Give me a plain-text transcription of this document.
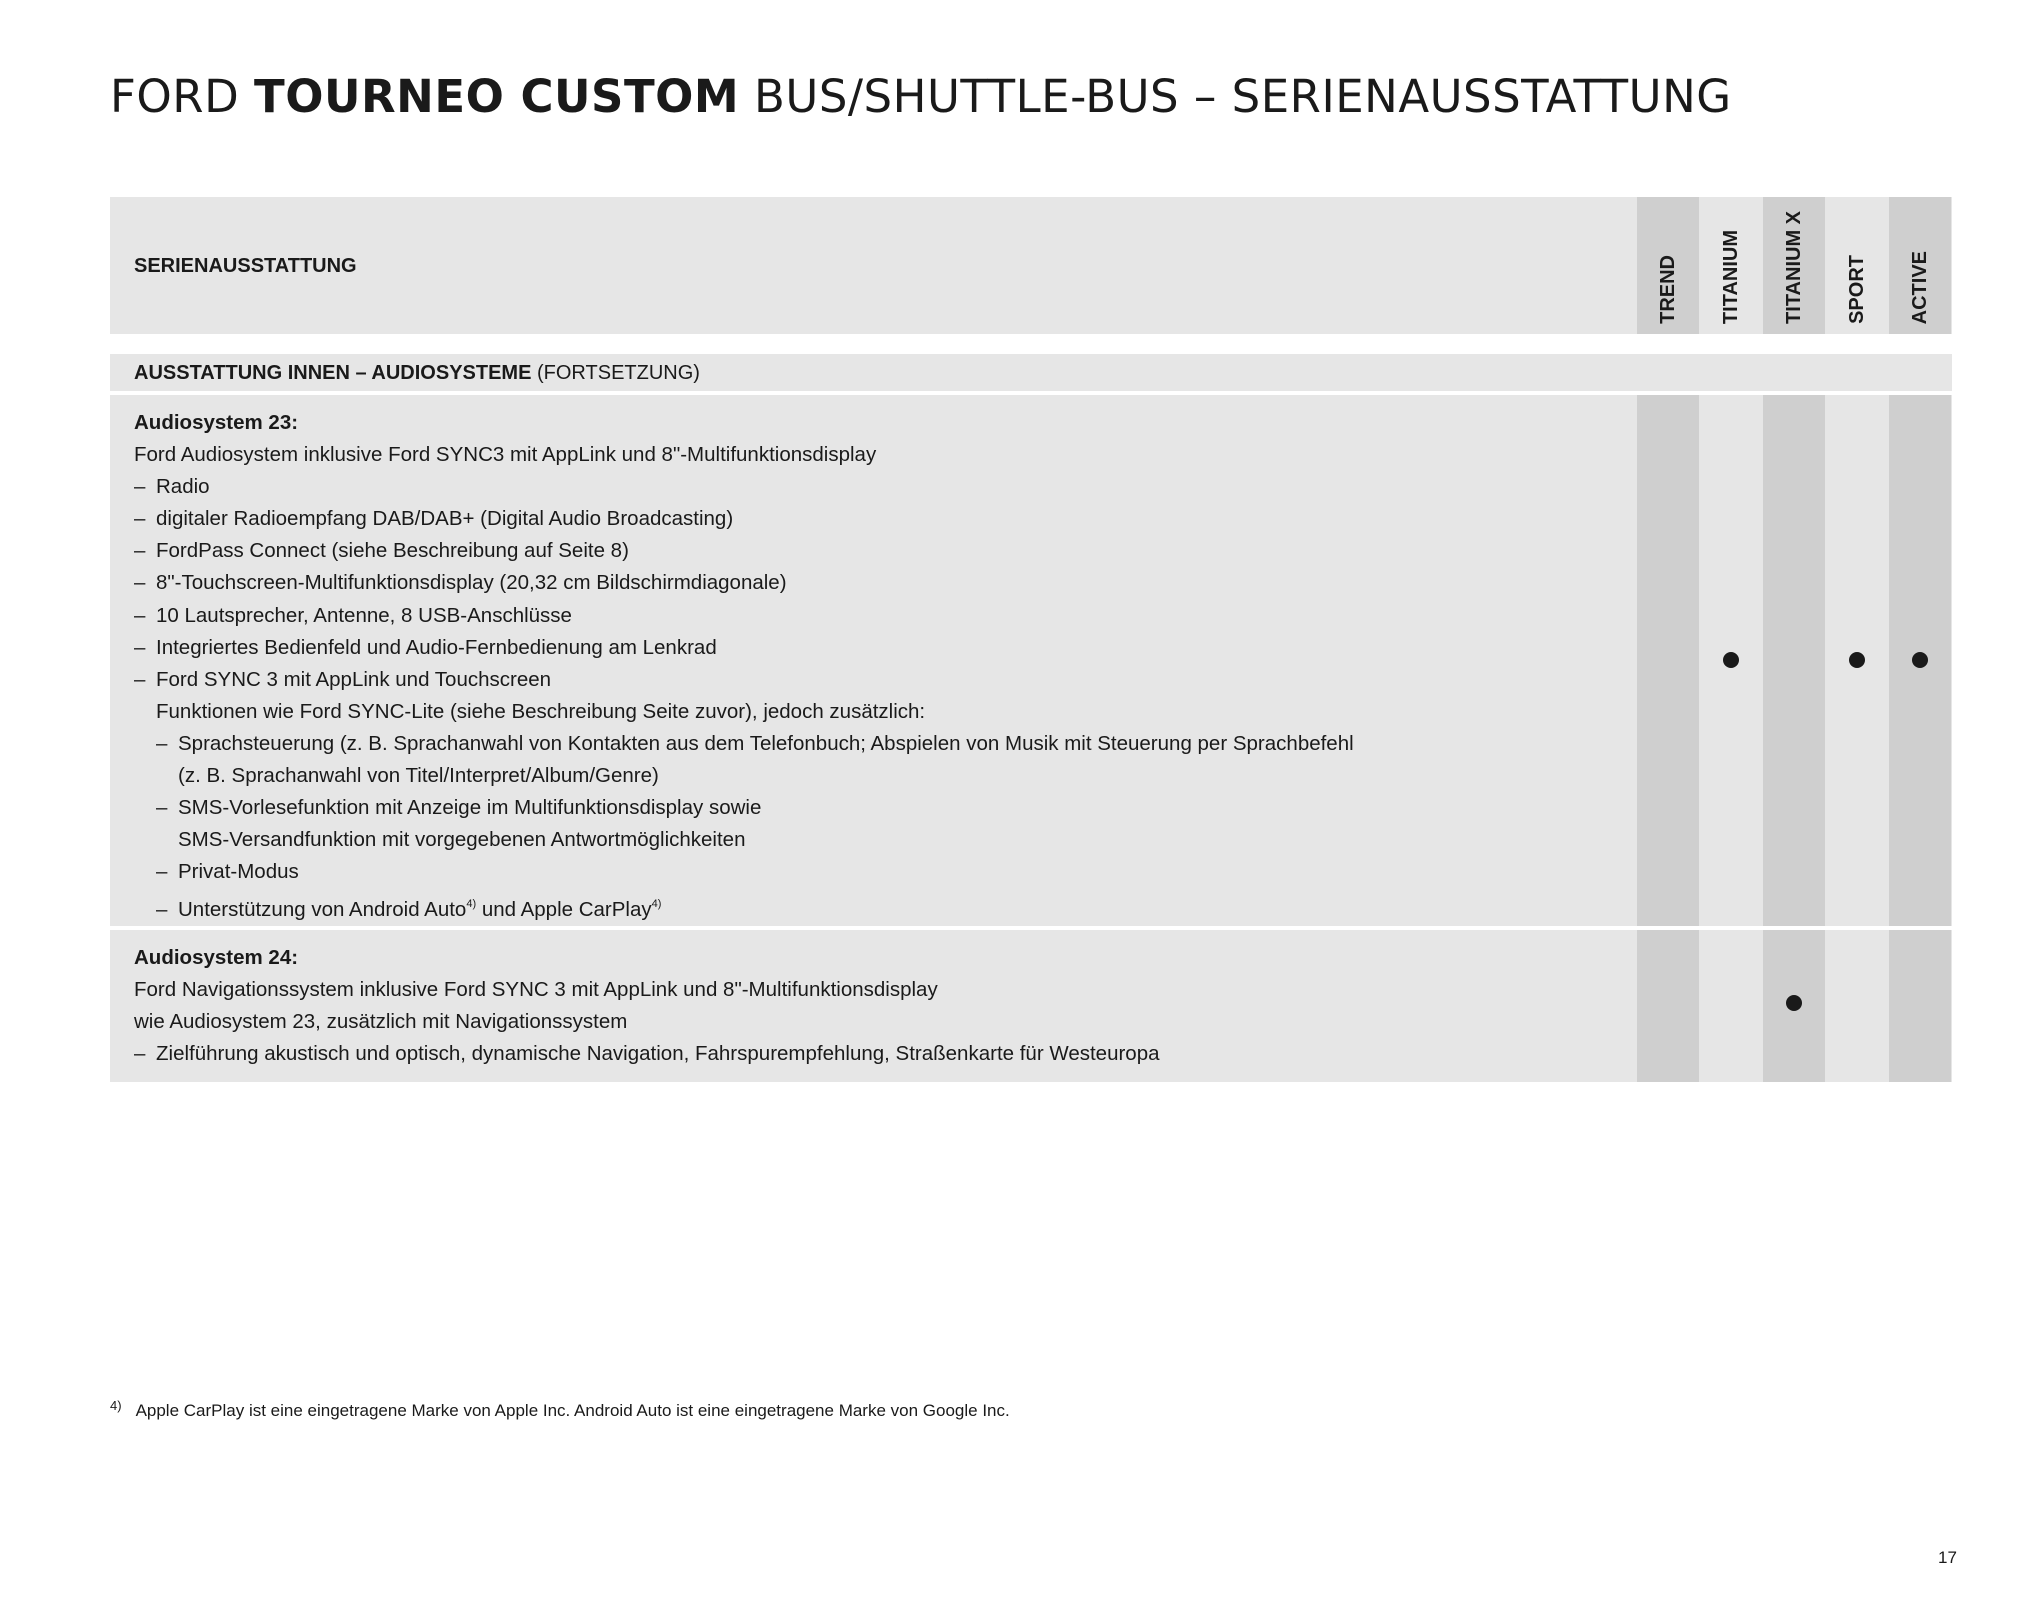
FORD TOURNEO CUSTOM BUS/SHUTTLE-BUS – SERIENAUSSTATTUNG
SERIENAUSSTATTUNG	TREND TITANIUM TITANIUM X SPORT ACTIVE
AUSSTATTUNG INNEN – AUDIOSYSTEME (FORTSETZUNG)
Audiosystem 23:
Ford Audiosystem inklusive Ford SYNC3 mit AppLink und 8"-Multifunktionsdisplay
– Radio
– digitaler Radioempfang DAB/DAB+ (Digital Audio Broadcasting)
– FordPass Connect (siehe Beschreibung auf Seite 8)
– 8"-Touchscreen-Multifunktionsdisplay (20,32 cm Bildschirmdiagonale)
– 10 Lautsprecher, Antenne, 8 USB-Anschlüsse
– Integriertes Bedienfeld und Audio-Fernbedienung am Lenkrad
– Ford SYNC 3 mit AppLink und Touchscreen
Funktionen wie Ford SYNC-Lite (siehe Beschreibung Seite zuvor), jedoch zusätzlich:
– Sprachsteuerung (z. B. Sprachanwahl von Kontakten aus dem Telefonbuch; Abspielen von Musik mit Steuerung per Sprachbefehl
(z. B. Sprachanwahl von Titel/Interpret/Album/Genre)
– SMS-Vorlesefunktion mit Anzeige im Multifunktionsdisplay sowie
SMS-Versandfunktion mit vorgegebenen Antwortmöglichkeiten
– Privat-Modus
– Unterstützung von Android Auto$^{4)}$ und Apple CarPlay$^{4)}$
Audiosystem 24:
Ford Navigationssystem inklusive Ford SYNC 3 mit AppLink und 8"-Multifunktionsdisplay
wie Audiosystem 23, zusätzlich mit Navigationssystem
– Zielführung akustisch und optisch, dynamische Navigation, Fahrspurempfehlung, Straßenkarte für Westeuropa
$^{4)}$ Apple CarPlay ist eine eingetragene Marke von Apple Inc. Android Auto ist eine eingetragene Marke von Google Inc.
17
